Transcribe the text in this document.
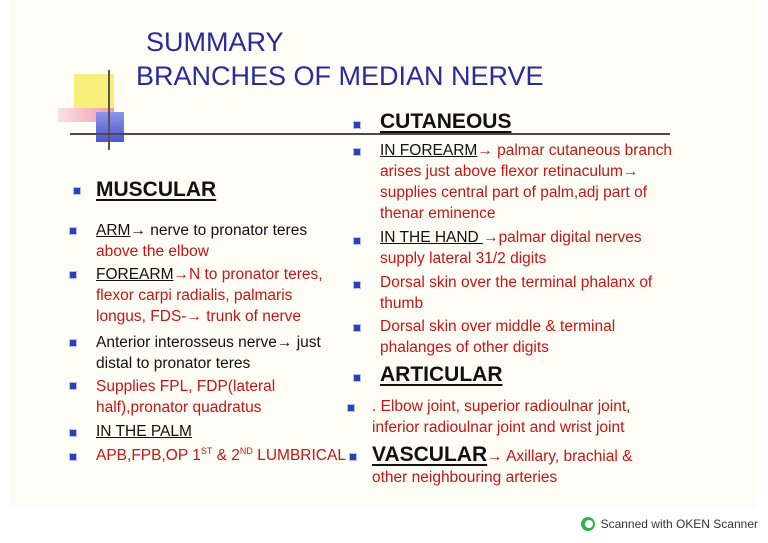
SUMMARY
BRANCHES OF MEDIAN NERVE
MUSCULAR
ARM→ nerve to pronator teres
above the elbow
FOREARM→N to pronator teres,
flexor carpi radialis, palmaris
longus, FDS-→ trunk of nerve
Anterior interosseus nerve→ just
distal to pronator teres
Supplies FPL, FDP(lateral
half),pronator quadratus
IN THE PALM
APB,FPB,OP 1ST & 2ND LUMBRICAL
CUTANEOUS
IN FOREARM→ palmar cutaneous branch
arises just above flexor retinaculum→
supplies central part of palm,adj part of
thenar eminence
IN THE HAND →palmar digital nerves
supply lateral 31/2 digits
Dorsal skin over the terminal phalanx of
thumb
Dorsal skin over middle & terminal
phalanges of other digits
ARTICULAR
. Elbow joint, superior radioulnar joint,
inferior radioulnar joint and wrist joint
VASCULAR→ Axillary, brachial &
other neighbouring arteries
Scanned with OKEN Scanner
